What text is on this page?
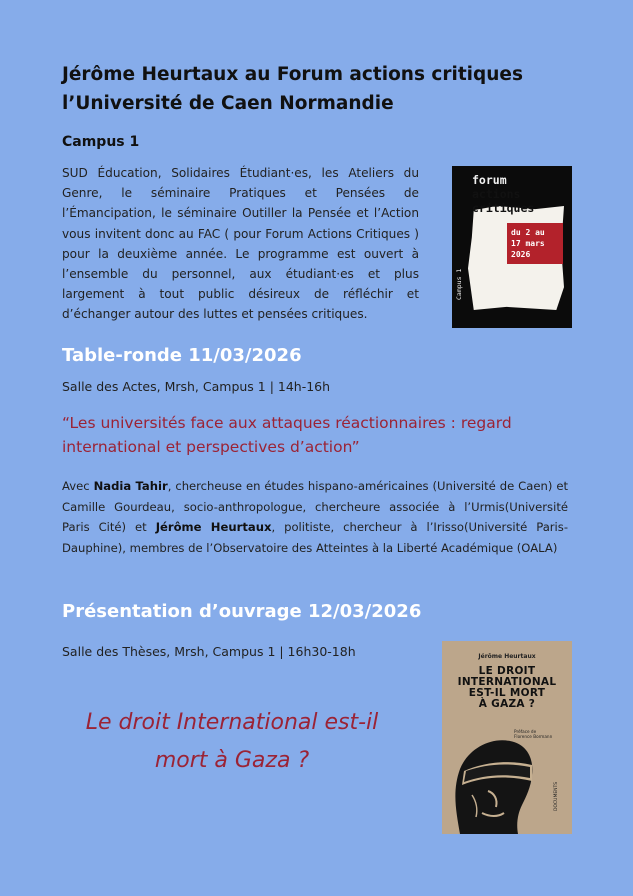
Jérôme Heurtaux au Forum actions critiques
l’Université de Caen Normandie
Campus 1
SUD Éducation, Solidaires Étudiant·es, les Ateliers du Genre, le séminaire Pratiques et Pensées de l’Émancipation, le séminaire Outiller la Pensée et l’Action vous invitent donc au FAC ( pour Forum Actions Critiques ) pour la deuxième année. Le programme est ouvert à l’ensemble du personnel, aux étudiant·es et plus largement à tout public désireux de réfléchir et d’échanger autour des luttes et pensées critiques.
forum
actions
critiques
du 2 au
17 mars
2026
Campus 1
Table-ronde 11/03/2026
Salle des Actes, Mrsh, Campus 1 | 14h-16h
“Les universités face aux attaques réactionnaires : regard international et perspectives d’action”
Avec Nadia Tahir, chercheuse en études hispano-américaines (Université de Caen) et Camille Gourdeau, socio-anthropologue, chercheure associée à l’Urmis(Université Paris Cité) et Jérôme Heurtaux, politiste, chercheur à l’Irisso(Université Paris-Dauphine), membres de l’Observatoire des Atteintes à la Liberté Académique (OALA)
Présentation d’ouvrage 12/03/2026
Salle des Thèses, Mrsh, Campus 1 | 16h30-18h
Le droit International est-il
mort à Gaza ?
Jérôme Heurtaux
LE DROIT
INTERNATIONAL
EST-IL MORT
À GAZA ?
Préface de
Florence Bormann
DOCUMENTS
